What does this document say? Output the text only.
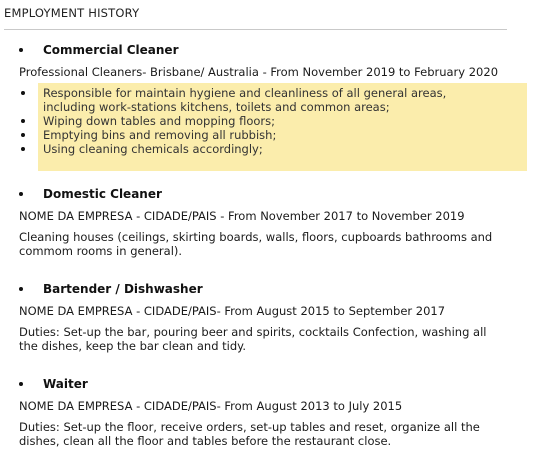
EMPLOYMENT HISTORY
Commercial Cleaner
Professional Cleaners- Brisbane/ Australia - From November 2019 to February 2020
Responsible for maintain hygiene and cleanliness of all general areas, including work-stations kitchens, toilets and common areas;
Wiping down tables and mopping floors;
Emptying bins and removing all rubbish;
Using cleaning chemicals accordingly;
Domestic Cleaner
NOME DA EMPRESA - CIDADE/PAIS - From November 2017 to November 2019
Cleaning houses (ceilings, skirting boards, walls, floors, cupboards bathrooms and commom rooms in general).
Bartender / Dishwasher
NOME DA EMPRESA - CIDADE/PAIS- From August 2015 to September 2017
Duties: Set-up the bar, pouring beer and spirits, cocktails Confection, washing all the dishes, keep the bar clean and tidy.
Waiter
NOME DA EMPRESA - CIDADE/PAIS- From August 2013 to July 2015
Duties: Set-up the floor, receive orders, set-up tables and reset, organize all the dishes, clean all the floor and tables before the restaurant close.
